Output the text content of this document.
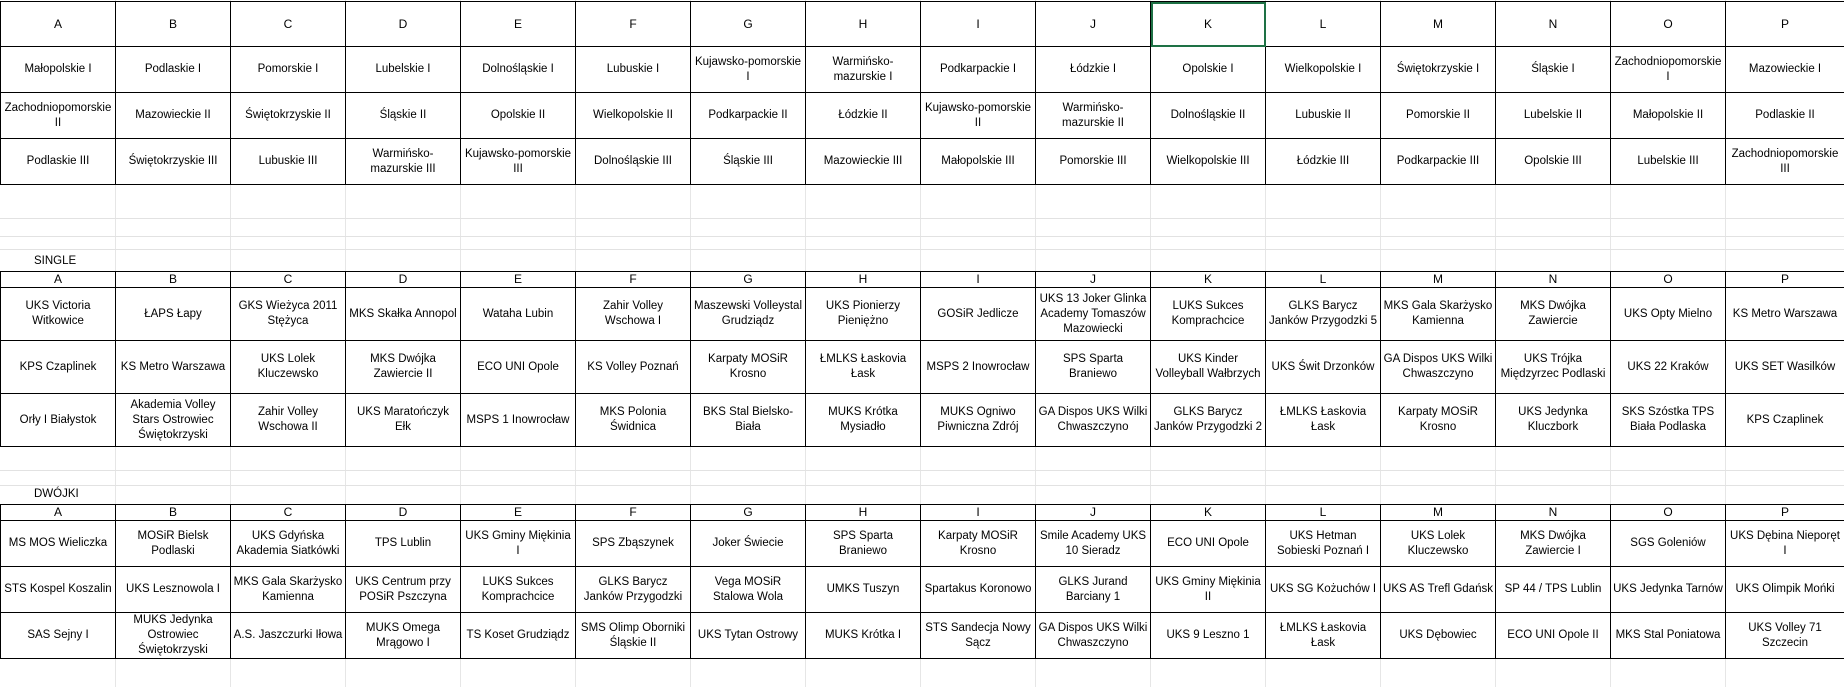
A	B	C	D	E	F	G	H	I	J	K	L	M	N	O	P
Małopolskie I	Podlaskie I	Pomorskie I	Lubelskie I	Dolnośląskie I	Lubuskie I	Kujawsko-pomorskie I	Warmińsko-mazurskie I	Podkarpackie I	Łódzkie I	Opolskie I	Wielkopolskie I	Świętokrzyskie I	Śląskie I	Zachodniopomorskie I	Mazowieckie I
Zachodniopomorskie II	Mazowieckie II	Świętokrzyskie II	Śląskie II	Opolskie II	Wielkopolskie II	Podkarpackie II	Łódzkie II	Kujawsko-pomorskie II	Warmińsko-mazurskie II	Dolnośląskie II	Lubuskie II	Pomorskie II	Lubelskie II	Małopolskie II	Podlaskie II
Podlaskie III	Świętokrzyskie III	Lubuskie III	Warmińsko-mazurskie III	Kujawsko-pomorskie III	Dolnośląskie III	Śląskie III	Mazowieckie III	Małopolskie III	Pomorskie III	Wielkopolskie III	Łódzkie III	Podkarpackie III	Opolskie III	Lubelskie III	Zachodniopomorskie III
SINGLE
A	B	C	D	E	F	G	H	I	J	K	L	M	N	O	P
UKS Victoria Witkowice	ŁAPS Łapy	GKS Wieżyca 2011 Stężyca	MKS Skałka Annopol	Wataha Lubin	Zahir Volley Wschowa I	Maszewski Volleystal Grudziądz	UKS Pionierzy Pieniężno	GOSiR Jedlicze	UKS 13 Joker Glinka Academy Tomaszów Mazowiecki	LUKS Sukces Komprachcice	GLKS Barycz Janków Przygodzki 5	MKS Gala Skarżysko Kamienna	MKS Dwójka Zawiercie	UKS Opty Mielno	KS Metro Warszawa
KPS Czaplinek	KS Metro Warszawa	UKS Lolek Kluczewsko	MKS Dwójka Zawiercie II	ECO UNI Opole	KS Volley Poznań	Karpaty MOSiR Krosno	ŁMLKS Łaskovia Łask	MSPS 2 Inowrocław	SPS Sparta Braniewo	UKS Kinder Volleyball Wałbrzych	UKS Świt Drzonków	GA Dispos UKS Wilki Chwaszczyno	UKS Trójka Międzyrzec Podlaski	UKS 22 Kraków	UKS SET Wasilków
Orły I Białystok	Akademia Volley Stars Ostrowiec Świętokrzyski	Zahir Volley Wschowa II	UKS Maratończyk Ełk	MSPS 1 Inowrocław	MKS Polonia Świdnica	BKS Stal Bielsko-Biała	MUKS Krótka Mysiadło	MUKS Ogniwo Piwniczna Zdrój	GA Dispos UKS Wilki Chwaszczyno	GLKS Barycz Janków Przygodzki 2	ŁMLKS Łaskovia Łask	Karpaty MOSiR Krosno	UKS Jedynka Kluczbork	SKS Szóstka TPS Biała Podlaska	KPS Czaplinek
DWÓJKI
A	B	C	D	E	F	G	H	I	J	K	L	M	N	O	P
MS MOS Wieliczka	MOSiR Bielsk Podlaski	UKS Gdyńska Akademia Siatkówki	TPS Lublin	UKS Gminy Miękinia I	SPS Zbąszynek	Joker Świecie	SPS Sparta Braniewo	Karpaty MOSiR Krosno	Smile Academy UKS 10 Sieradz	ECO UNI Opole	UKS Hetman Sobieski Poznań I	UKS Lolek Kluczewsko	MKS Dwójka Zawiercie I	SGS Goleniów	UKS Dębina Nieporęt I
STS Kospel Koszalin	UKS Lesznowola I	MKS Gala Skarżysko Kamienna	UKS Centrum przy POSiR Pszczyna	LUKS Sukces Komprachcice	GLKS Barycz Janków Przygodzki	Vega MOSiR Stalowa Wola	UMKS Tuszyn	Spartakus Koronowo	GLKS Jurand Barciany 1	UKS Gminy Miękinia II	UKS SG Kożuchów I	UKS AS Trefl Gdańsk	SP 44 / TPS Lublin	UKS Jedynka Tarnów	UKS Olimpik Mońki
SAS Sejny I	MUKS Jedynka Ostrowiec Świętokrzyski	A.S. Jaszczurki Iłowa	MUKS Omega Mrągowo I	TS Koset Grudziądz	SMS Olimp Oborniki Śląskie II	UKS Tytan Ostrowy	MUKS Krótka I	STS Sandecja Nowy Sącz	GA Dispos UKS Wilki Chwaszczyno	UKS 9 Leszno 1	ŁMLKS Łaskovia Łask	UKS Dębowiec	ECO UNI Opole II	MKS Stal Poniatowa	UKS Volley 71 Szczecin
